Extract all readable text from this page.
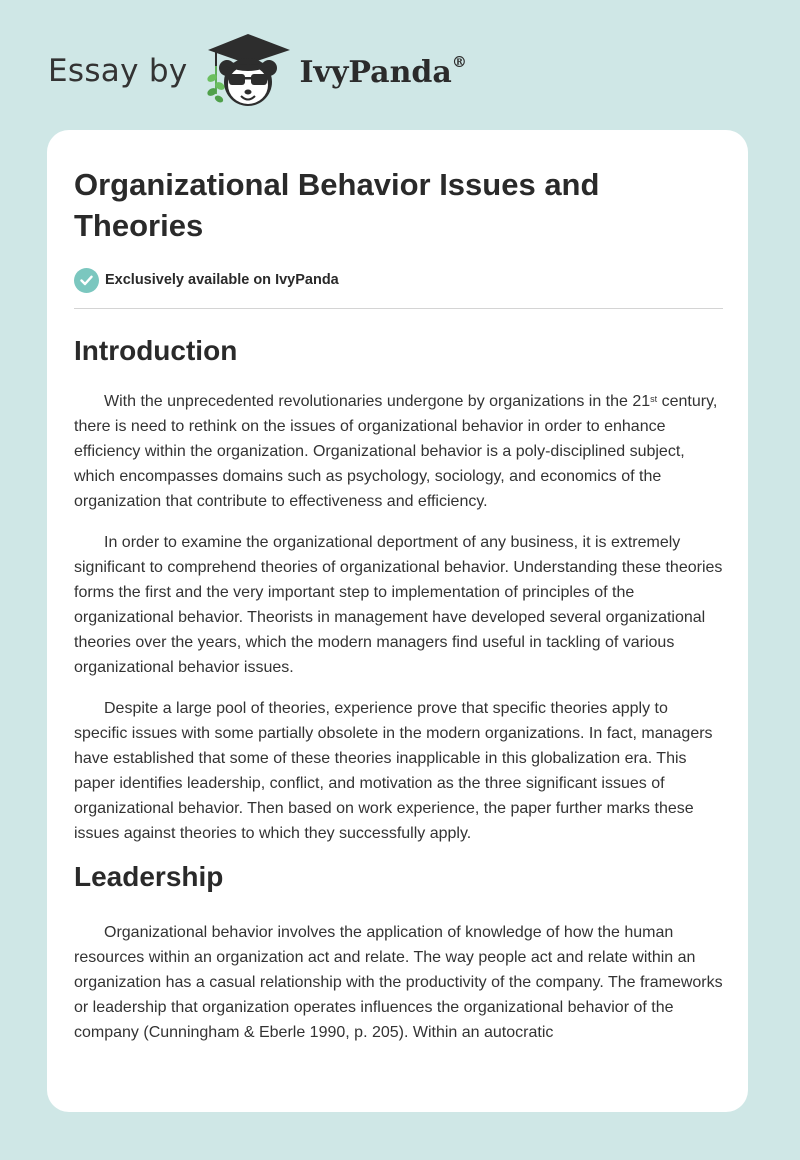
Essay by	IvyPanda®
Organizational Behavior Issues and Theories
Exclusively available on IvyPanda
Introduction

With the unprecedented revolutionaries undergone by organizations in the 21st century, there is need to rethink on the issues of organizational behavior in order to enhance efficiency within the organization. Organizational behavior is a poly-disciplined subject, which encompasses domains such as psychology, sociology, and economics of the organization that contribute to effectiveness and efficiency.

In order to examine the organizational deportment of any business, it is extremely significant to comprehend theories of organizational behavior. Understanding these theories forms the first and the very important step to implementation of principles of the organizational behavior. Theorists in management have developed several organizational theories over the years, which the modern managers find useful in tackling of various organizational behavior issues.

Despite a large pool of theories, experience prove that specific theories apply to specific issues with some partially obsolete in the modern organizations. In fact, managers have established that some of these theories inapplicable in this globalization era. This paper identifies leadership, conflict, and motivation as the three significant issues of organizational behavior. Then based on work experience, the paper further marks these issues against theories to which they successfully apply.

Leadership

Organizational behavior involves the application of knowledge of how the human resources within an organization act and relate. The way people act and relate within an organization has a casual relationship with the productivity of the company. The frameworks or leadership that organization operates influences the organizational behavior of the company (Cunningham & Eberle 1990, p. 205). Within an autocratic
